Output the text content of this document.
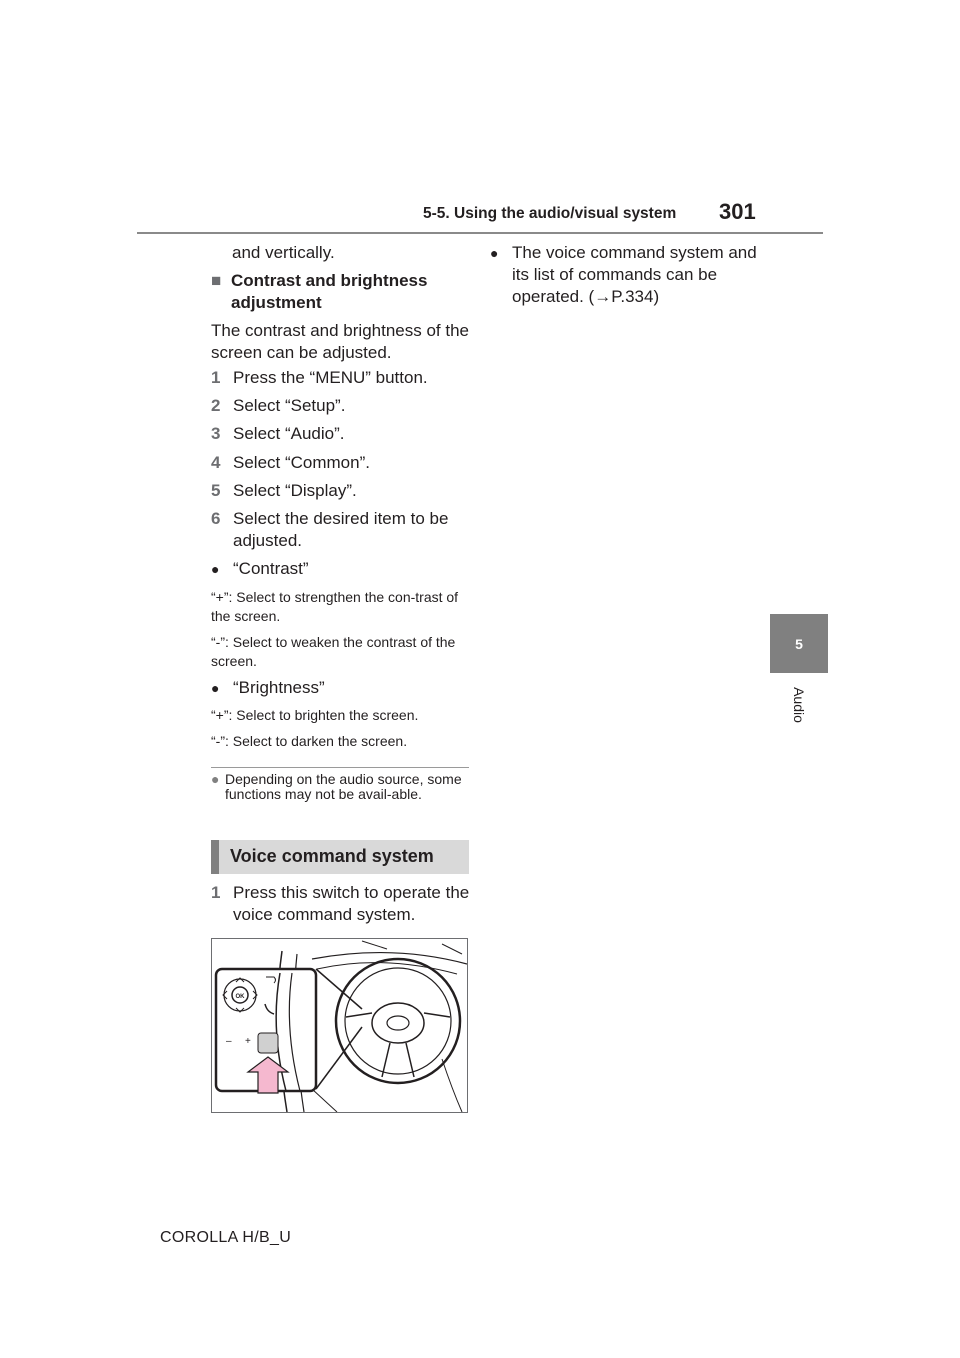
5-5. Using the audio/visual system 301
5
Audio
and vertically.
■ Contrast and brightness adjustment
The contrast and brightness of the screen can be adjusted.
1 Press the “MENU” button.
2 Select “Setup”.
3 Select “Audio”.
4 Select “Common”.
5 Select “Display”.
6 Select the desired item to be adjusted.
● “Contrast”
“+”: Select to strengthen the con-trast of the screen.
“-”: Select to weaken the contrast of the screen.
● “Brightness”
“+”: Select to brighten the screen.
“-”: Select to darken the screen.
● Depending on the audio source, some functions may not be avail-able.
Voice command system
1 Press this switch to operate the voice command system.
OK
– +
● The voice command system and its list of commands can be operated. (→P.334)
COROLLA H/B_U
